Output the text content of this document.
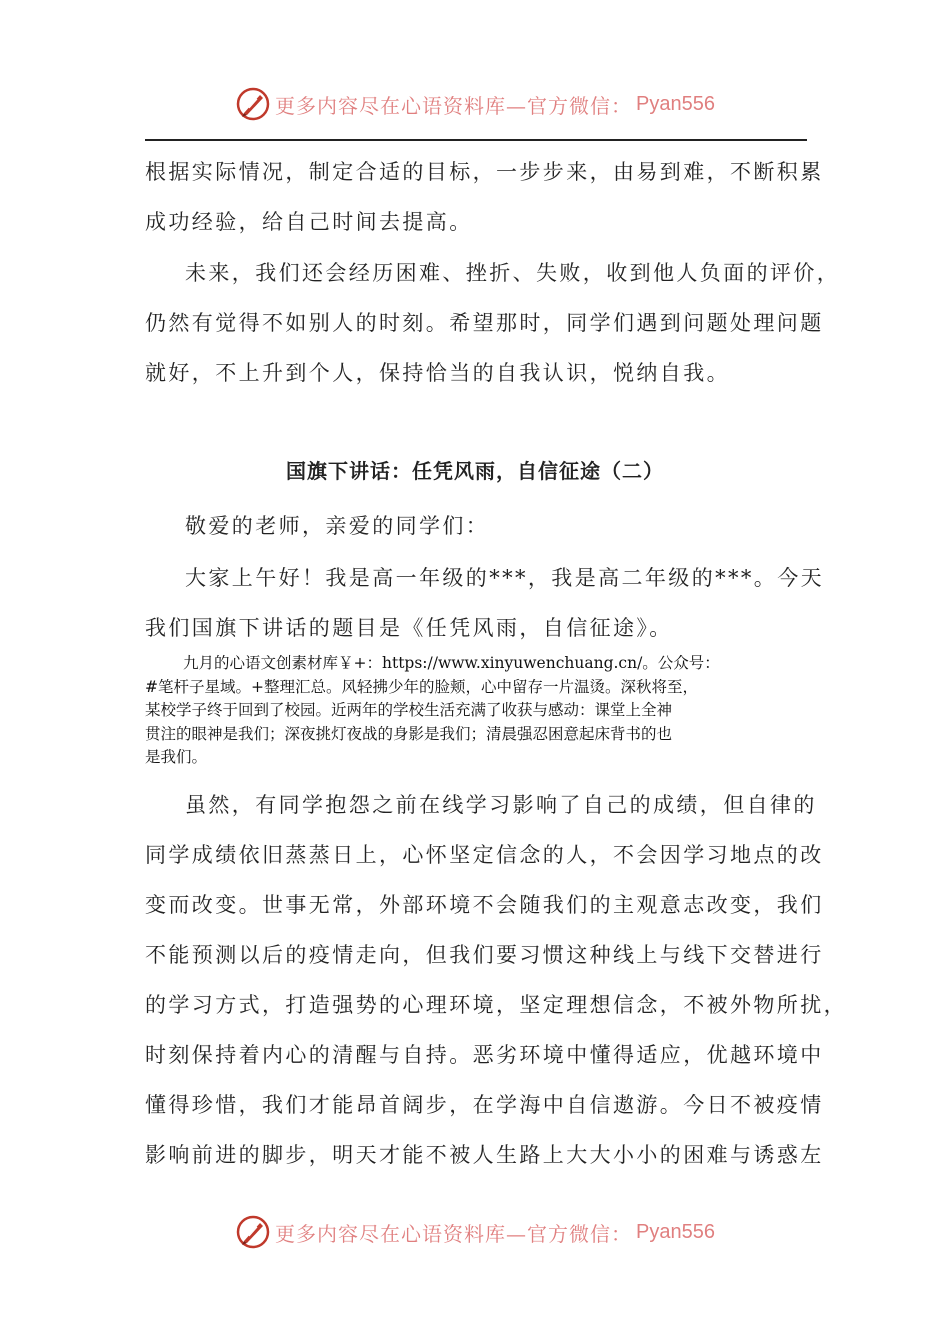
更多内容尽在心语资料库—官方微信： Pyan556
根据实际情况，制定合适的目标，一步步来，由易到难，不断积累
成功经验，给自己时间去提高。
未来，我们还会经历困难、挫折、失败，收到他人负面的评价，
仍然有觉得不如别人的时刻。希望那时，同学们遇到问题处理问题
就好，不上升到个人，保持恰当的自我认识，悦纳自我。
国旗下讲话：任凭风雨，自信征途（二）
敬爱的老师，亲爱的同学们：
大家上午好！我是高一年级的***，我是高二年级的***。今天
我们国旗下讲话的题目是《任凭风雨，自信征途》。
九月的心语文创素材库￥+：https://www.xinyuwenchuang.cn/。公众号：
#笔杆子星域。+整理汇总。风轻拂少年的脸颊，心中留存一片温烫。深秋将至，
某校学子终于回到了校园。近两年的学校生活充满了收获与感动：课堂上全神
贯注的眼神是我们；深夜挑灯夜战的身影是我们；清晨强忍困意起床背书的也
是我们。
虽然，有同学抱怨之前在线学习影响了自己的成绩，但自律的
同学成绩依旧蒸蒸日上，心怀坚定信念的人，不会因学习地点的改
变而改变。世事无常，外部环境不会随我们的主观意志改变，我们
不能预测以后的疫情走向，但我们要习惯这种线上与线下交替进行
的学习方式，打造强势的心理环境，坚定理想信念，不被外物所扰，
时刻保持着内心的清醒与自持。恶劣环境中懂得适应，优越环境中
懂得珍惜，我们才能昂首阔步，在学海中自信遨游。今日不被疫情
影响前进的脚步，明天才能不被人生路上大大小小的困难与诱惑左
更多内容尽在心语资料库—官方微信： Pyan556
